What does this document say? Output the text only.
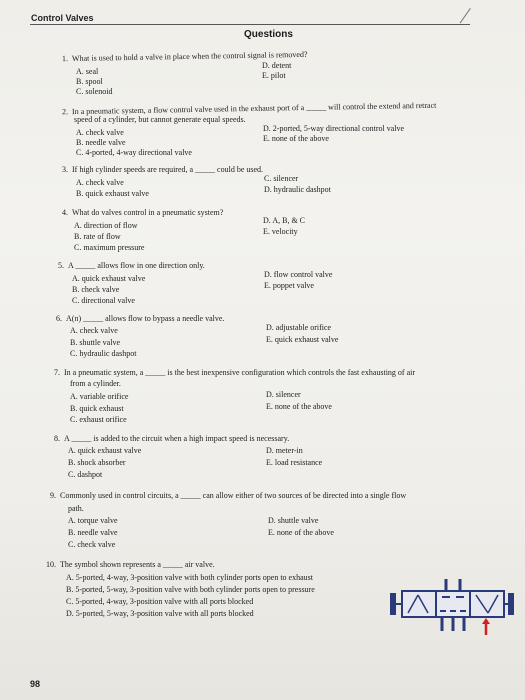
Control Valves
Questions
1. What is used to hold a valve in place when the control signal is removed?
A. seal
B. spool
C. solenoid
D. detent
E. pilot
2. In a pneumatic system, a flow control valve used in the exhaust port of a _____ will control the extend and retract
speed of a cylinder, but cannot generate equal speeds.
A. check valve
B. needle valve
C. 4-ported, 4-way directional valve
D. 2-ported, 5-way directional control valve
E. none of the above
3. If high cylinder speeds are required, a _____ could be used.
A. check valve
B. quick exhaust valve
C. silencer
D. hydraulic dashpot
4. What do valves control in a pneumatic system?
A. direction of flow
B. rate of flow
C. maximum pressure
D. A, B, & C
E. velocity
5. A _____ allows flow in one direction only.
A. quick exhaust valve
B. check valve
C. directional valve
D. flow control valve
E. poppet valve
6. A(n) _____ allows flow to bypass a needle valve.
A. check valve
B. shuttle valve
C. hydraulic dashpot
D. adjustable orifice
E. quick exhaust valve
7. In a pneumatic system, a _____ is the best inexpensive configuration which controls the fast exhausting of air
from a cylinder.
A. variable orifice
B. quick exhaust
C. exhaust orifice
D. silencer
E. none of the above
8. A _____ is added to the circuit when a high impact speed is necessary.
A. quick exhaust valve
B. shock absorber
C. dashpot
D. meter-in
E. load resistance
9. Commonly used in control circuits, a _____ can allow either of two sources of be directed into a single flow
path.
A. torque valve
B. needle valve
C. check valve
D. shuttle valve
E. none of the above
10. The symbol shown represents a _____ air valve.
A. 5-ported, 4-way, 3-position valve with both cylinder ports open to exhaust
B. 5-ported, 5-way, 3-position valve with both cylinder ports open to pressure
C. 5-ported, 4-way, 3-position valve with all ports blocked
D. 5-ported, 5-way, 3-position valve with all ports blocked
98
